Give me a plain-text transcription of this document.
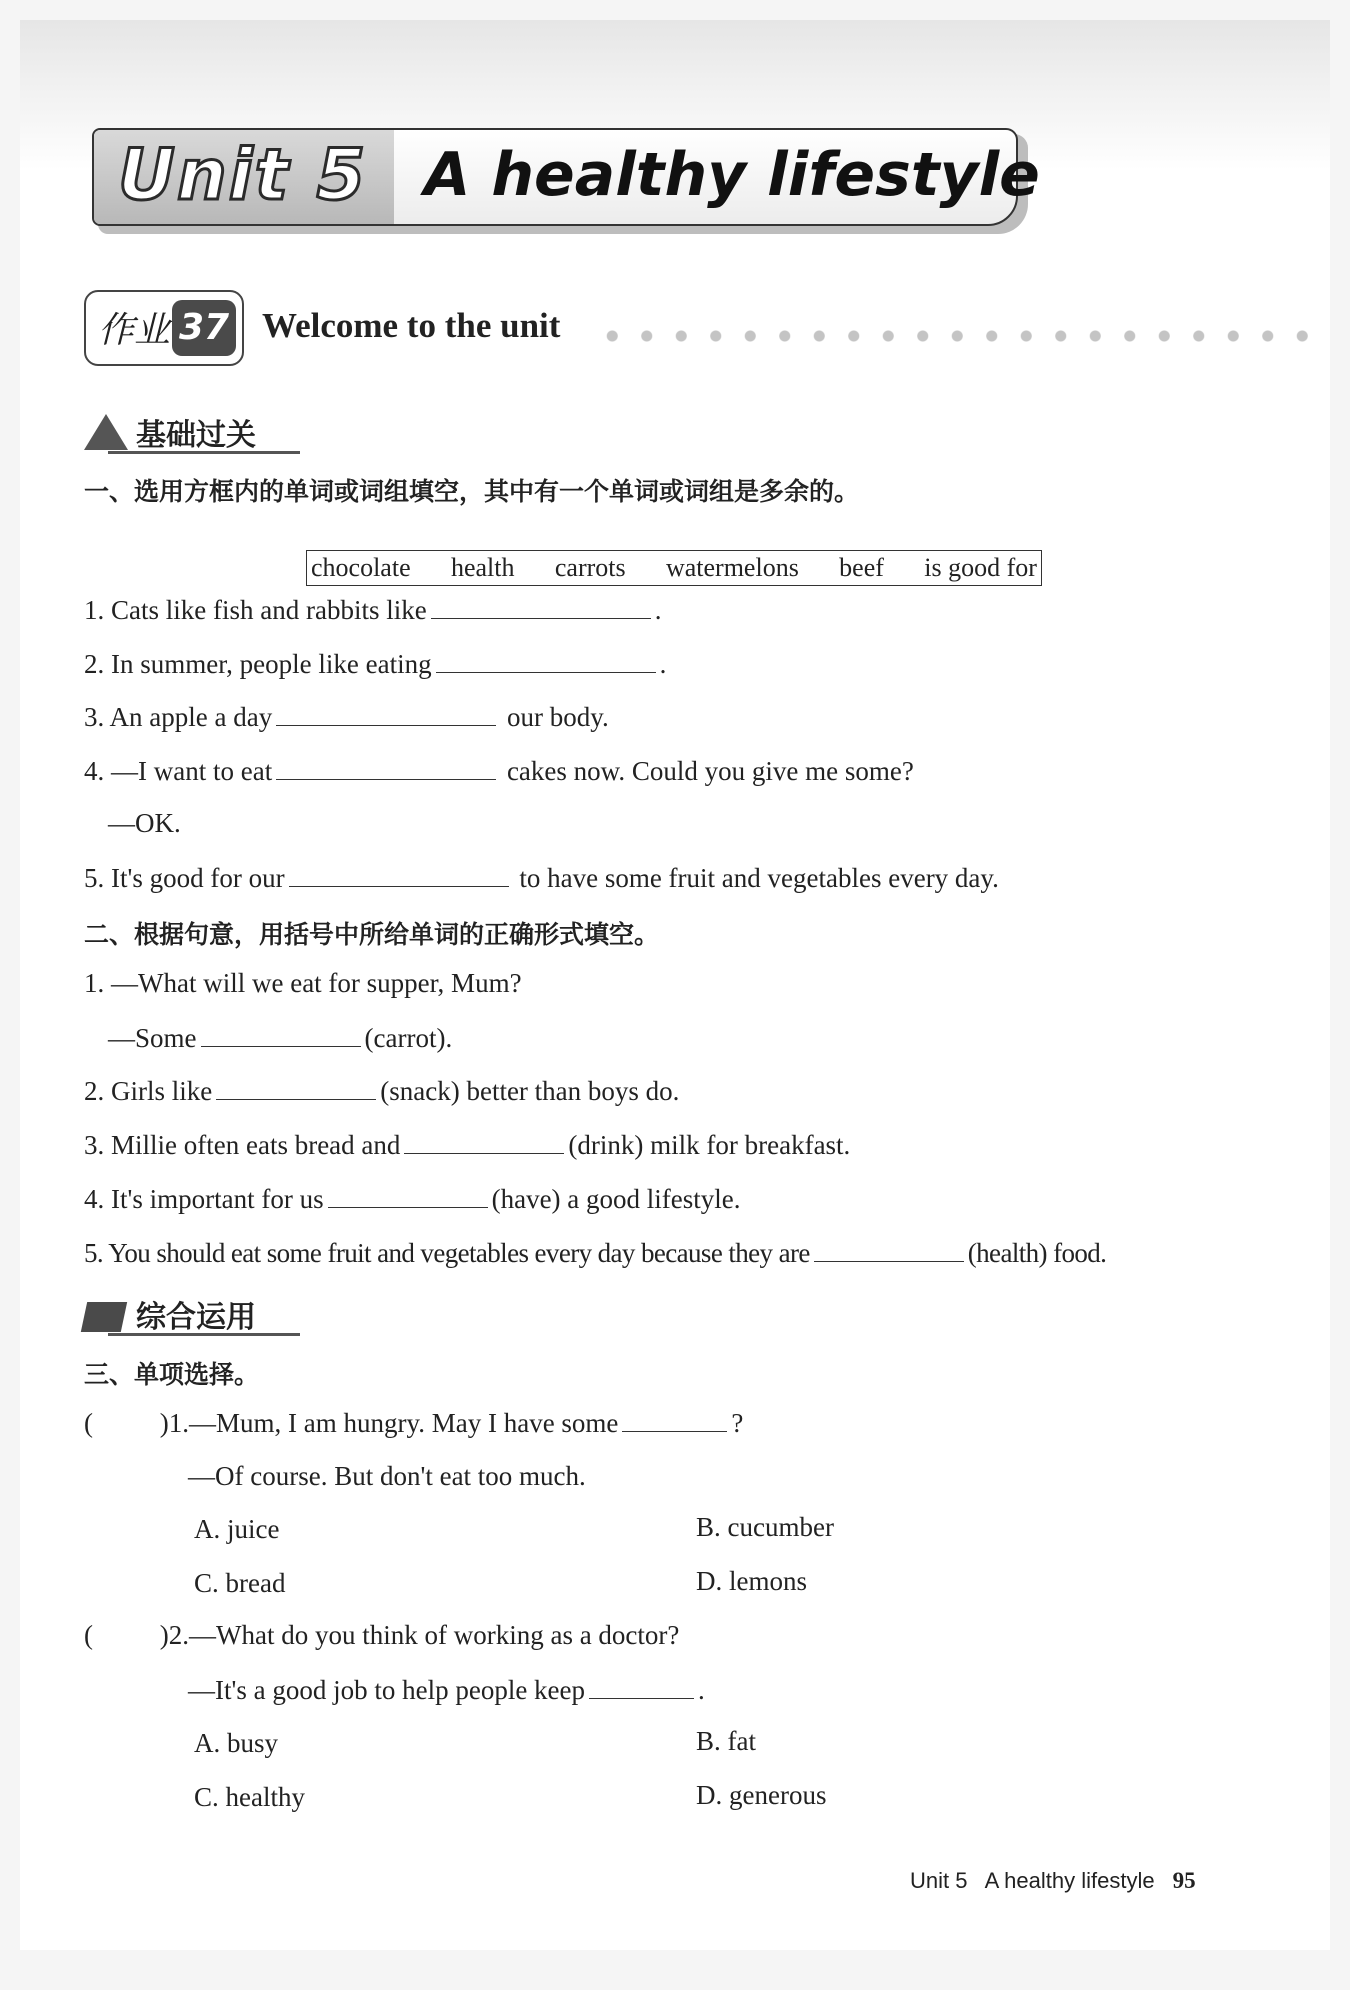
Unit 5 A healthy lifestyle
作业 37 Welcome to the unit
基础过关
一、选用方框内的单词或词组填空，其中有一个单词或词组是多余的。
chocolate health carrots watermelons beef is good for
1. Cats like fish and rabbits like	.
2. In summer, people like eating	.
3. An apple a day	our body.
4. —I want to eat	cakes now. Could you give me some?
—OK.
5. It's good for our	to have some fruit and vegetables every day.
二、根据句意，用括号中所给单词的正确形式填空。
1. —What will we eat for supper, Mum?
—Some	(carrot).
2. Girls like	(snack) better than boys do.
3. Millie often eats bread and	(drink) milk for breakfast.
4. It's important for us	(have) a good lifestyle.
5. You should eat some fruit and vegetables every day because they are	(health) food.
综合运用
三、单项选择。
( )1.—Mum, I am hungry. May I have some	?
—Of course. But don't eat too much.
A. juice	B. cucumber
C. bread	D. lemons
( )2.—What do you think of working as a doctor?
—It's a good job to help people keep	.
A. busy	B. fat
C. healthy	D. generous
Unit 5   A healthy lifestyle 95
